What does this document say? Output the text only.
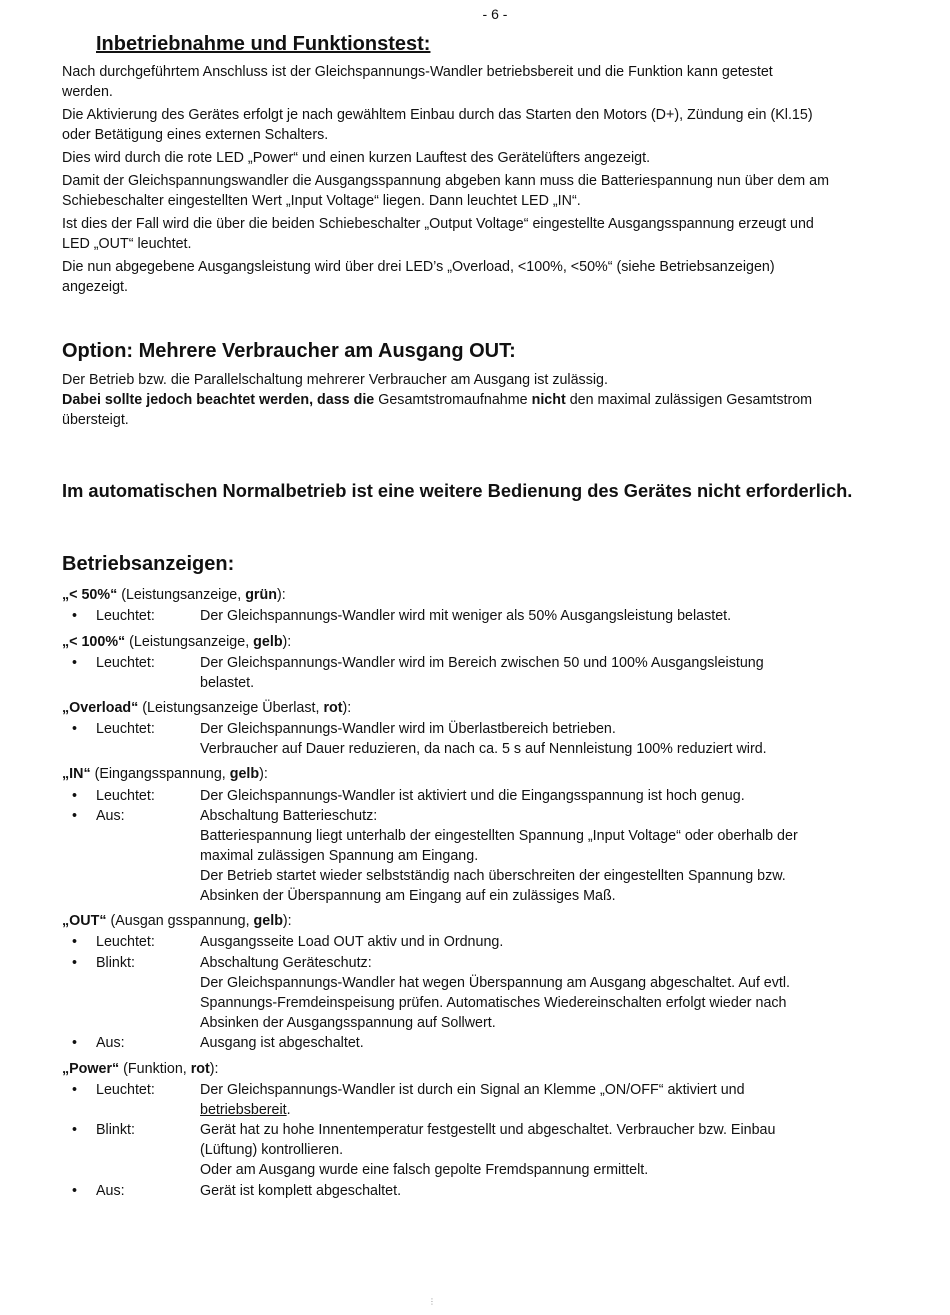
- 6 -
Inbetriebnahme und Funktionstest:

Nach durchgeführtem Anschluss ist der Gleichspannungs-Wandler betriebsbereit und die Funktion kann getestet
werden.

Die Aktivierung des Gerätes erfolgt je nach gewähltem Einbau durch das Starten den Motors (D+), Zündung ein (Kl.15)
oder Betätigung eines externen Schalters.

Dies wird durch die rote LED „Power“ und einen kurzen Lauftest des Gerätelüfters angezeigt.

Damit der Gleichspannungswandler die Ausgangsspannung abgeben kann muss die Batteriespannung nun über dem am
Schiebeschalter eingestellten Wert „Input Voltage“ liegen. Dann leuchtet LED „IN“.

Ist dies der Fall wird die über die beiden Schiebeschalter „Output Voltage“ eingestellte Ausgangsspannung erzeugt und
LED „OUT“ leuchtet.

Die nun abgegebene Ausgangsleistung wird über drei LED’s „Overload, <100%, <50%“ (siehe Betriebsanzeigen)
angezeigt.

Option: Mehrere Verbraucher am Ausgang OUT:

Der Betrieb bzw. die Parallelschaltung mehrerer Verbraucher am Ausgang ist zulässig.
Dabei sollte jedoch beachtet werden, dass die Gesamtstromaufnahme nicht den maximal zulässigen Gesamtstrom
übersteigt.

Im automatischen Normalbetrieb ist eine weitere Bedienung des Gerätes nicht erforderlich.
Betriebsanzeigen:

„< 50%“ (Leistungsanzeige, grün):

• Leuchtet:	Der Gleichspannungs-Wandler wird mit weniger als 50% Ausgangsleistung belastet.

„< 100%“ (Leistungsanzeige, gelb):

• Leuchtet:	Der Gleichspannungs-Wandler wird im Bereich zwischen 50 und 100% Ausgangsleistung
belastet.

„Overload“ (Leistungsanzeige Überlast, rot):

• Leuchtet:	Der Gleichspannungs-Wandler wird im Überlastbereich betrieben.
Verbraucher auf Dauer reduzieren, da nach ca. 5 s auf Nennleistung 100% reduziert wird.

„IN“ (Eingangsspannung, gelb):

• Leuchtet:	Der Gleichspannungs-Wandler ist aktiviert und die Eingangsspannung ist hoch genug.
• Aus:	Abschaltung Batterieschutz:
Batteriespannung liegt unterhalb der eingestellten Spannung „Input Voltage“ oder oberhalb der
maximal zulässigen Spannung am Eingang.
Der Betrieb startet wieder selbstständig nach überschreiten der eingestellten Spannung bzw.
Absinken der Überspannung am Eingang auf ein zulässiges Maß.

„OUT“ (Ausgan gsspannung, gelb):

• Leuchtet:	Ausgangsseite Load OUT aktiv und in Ordnung.
• Blinkt:	Abschaltung Geräteschutz:
Der Gleichspannungs-Wandler hat wegen Überspannung am Ausgang abgeschaltet. Auf evtl.
Spannungs-Fremdeinspeisung prüfen. Automatisches Wiedereinschalten erfolgt wieder nach
Absinken der Ausgangsspannung auf Sollwert.
• Aus:	Ausgang ist abgeschaltet.

„Power“ (Funktion, rot):

• Leuchtet:	Der Gleichspannungs-Wandler ist durch ein Signal an Klemme „ON/OFF“ aktiviert und
betriebsbereit.
• Blinkt:	Gerät hat zu hohe Innentemperatur festgestellt und abgeschaltet. Verbraucher bzw. Einbau
(Lüftung) kontrollieren.
Oder am Ausgang wurde eine falsch gepolte Fremdspannung ermittelt.
• Aus:	Gerät ist komplett abgeschaltet.
⋮
